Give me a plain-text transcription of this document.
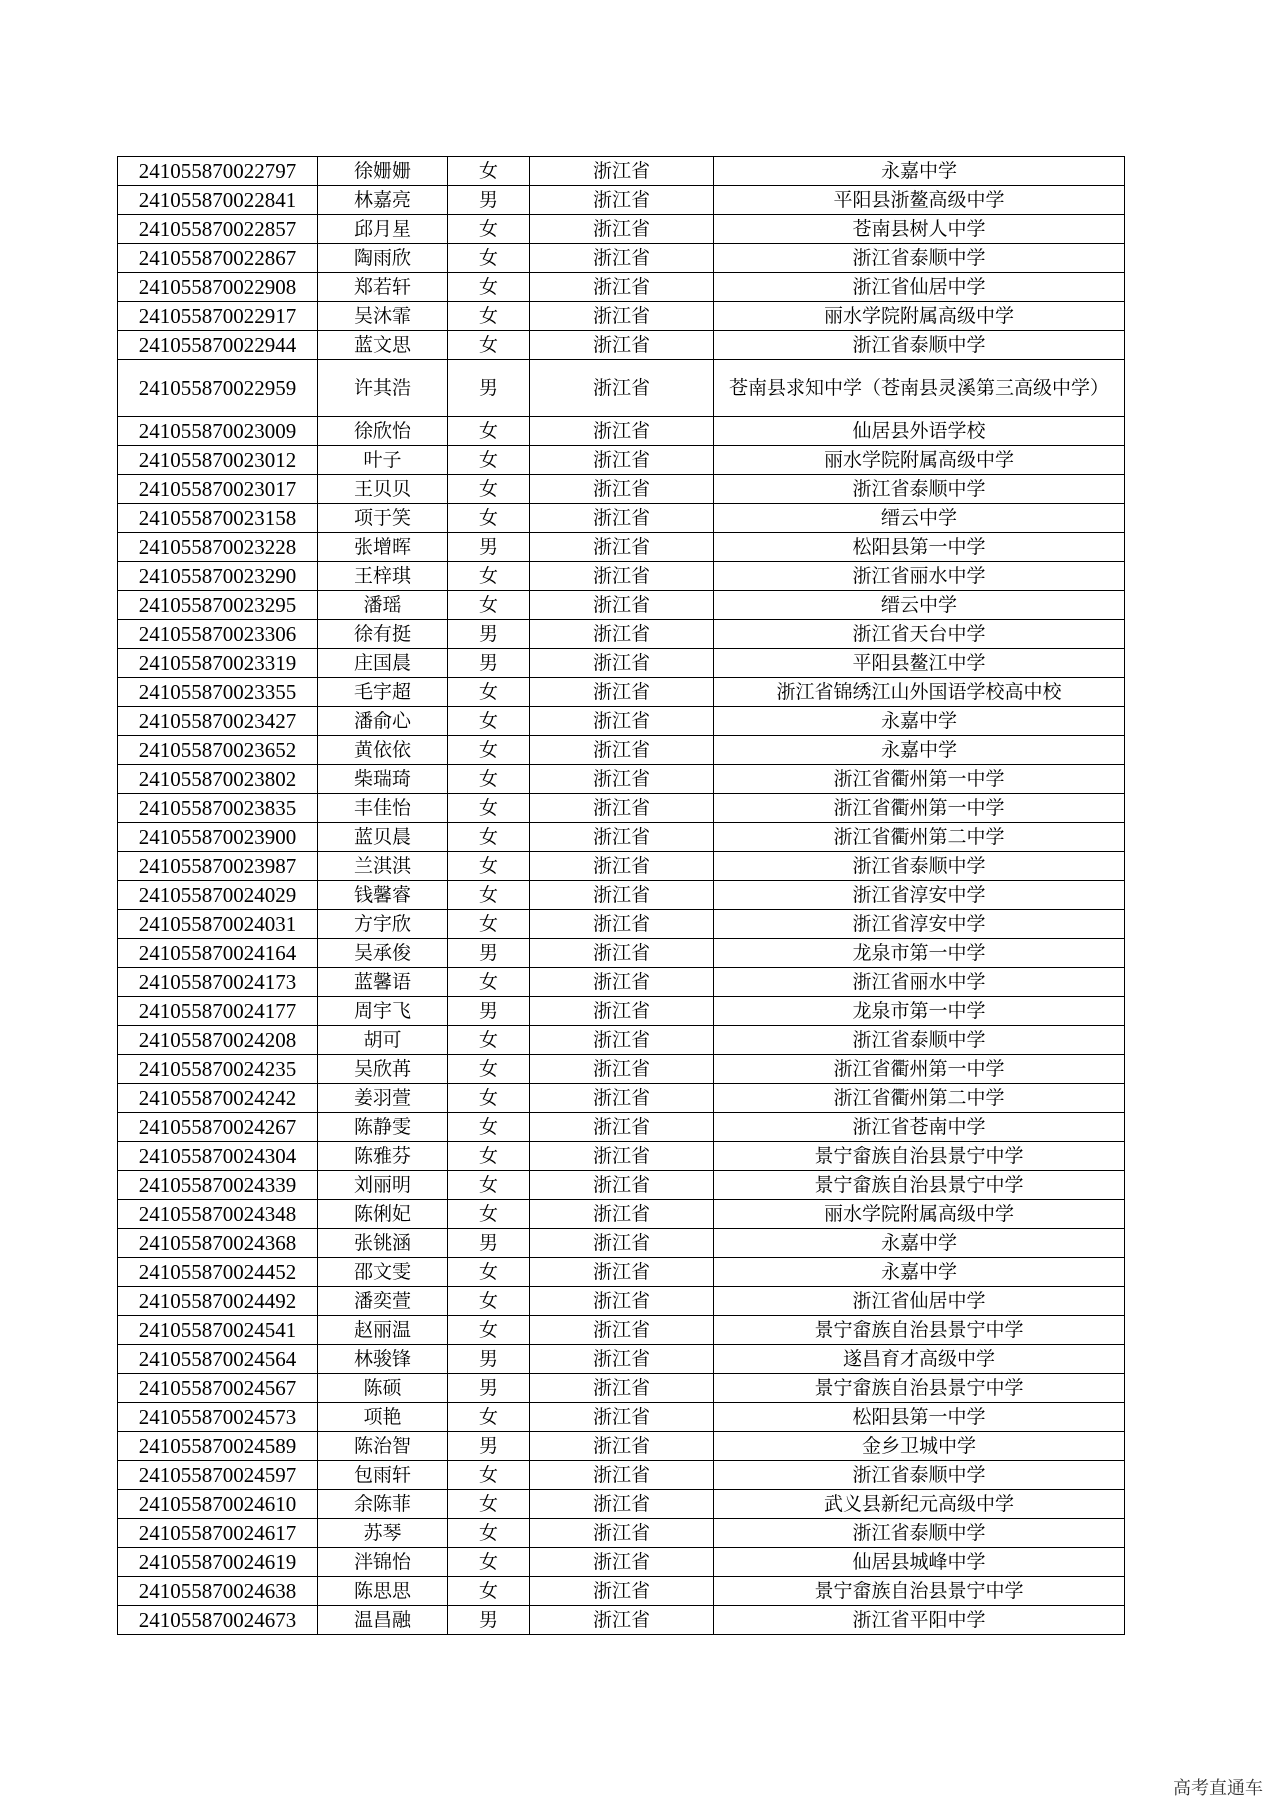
241055870022797	徐姗姗	女	浙江省	永嘉中学
241055870022841	林嘉亮	男	浙江省	平阳县浙鳌高级中学
241055870022857	邱月星	女	浙江省	苍南县树人中学
241055870022867	陶雨欣	女	浙江省	浙江省泰顺中学
241055870022908	郑若轩	女	浙江省	浙江省仙居中学
241055870022917	吴沐霏	女	浙江省	丽水学院附属高级中学
241055870022944	蓝文思	女	浙江省	浙江省泰顺中学
241055870022959	许其浩	男	浙江省	苍南县求知中学（苍南县灵溪第三高级中学）
241055870023009	徐欣怡	女	浙江省	仙居县外语学校
241055870023012	叶子	女	浙江省	丽水学院附属高级中学
241055870023017	王贝贝	女	浙江省	浙江省泰顺中学
241055870023158	项于笑	女	浙江省	缙云中学
241055870023228	张增晖	男	浙江省	松阳县第一中学
241055870023290	王梓琪	女	浙江省	浙江省丽水中学
241055870023295	潘瑶	女	浙江省	缙云中学
241055870023306	徐有挺	男	浙江省	浙江省天台中学
241055870023319	庄国晨	男	浙江省	平阳县鳌江中学
241055870023355	毛宇超	女	浙江省	浙江省锦绣江山外国语学校高中校
241055870023427	潘俞心	女	浙江省	永嘉中学
241055870023652	黄依依	女	浙江省	永嘉中学
241055870023802	柴瑞琦	女	浙江省	浙江省衢州第一中学
241055870023835	丰佳怡	女	浙江省	浙江省衢州第一中学
241055870023900	蓝贝晨	女	浙江省	浙江省衢州第二中学
241055870023987	兰淇淇	女	浙江省	浙江省泰顺中学
241055870024029	钱馨睿	女	浙江省	浙江省淳安中学
241055870024031	方宇欣	女	浙江省	浙江省淳安中学
241055870024164	吴承俊	男	浙江省	龙泉市第一中学
241055870024173	蓝馨语	女	浙江省	浙江省丽水中学
241055870024177	周宇飞	男	浙江省	龙泉市第一中学
241055870024208	胡可	女	浙江省	浙江省泰顺中学
241055870024235	吴欣苒	女	浙江省	浙江省衢州第一中学
241055870024242	姜羽萱	女	浙江省	浙江省衢州第二中学
241055870024267	陈静雯	女	浙江省	浙江省苍南中学
241055870024304	陈雅芬	女	浙江省	景宁畲族自治县景宁中学
241055870024339	刘丽明	女	浙江省	景宁畲族自治县景宁中学
241055870024348	陈俐妃	女	浙江省	丽水学院附属高级中学
241055870024368	张铫涵	男	浙江省	永嘉中学
241055870024452	邵文雯	女	浙江省	永嘉中学
241055870024492	潘奕萱	女	浙江省	浙江省仙居中学
241055870024541	赵丽温	女	浙江省	景宁畲族自治县景宁中学
241055870024564	林骏锋	男	浙江省	遂昌育才高级中学
241055870024567	陈硕	男	浙江省	景宁畲族自治县景宁中学
241055870024573	项艳	女	浙江省	松阳县第一中学
241055870024589	陈治智	男	浙江省	金乡卫城中学
241055870024597	包雨轩	女	浙江省	浙江省泰顺中学
241055870024610	余陈菲	女	浙江省	武义县新纪元高级中学
241055870024617	苏琴	女	浙江省	浙江省泰顺中学
241055870024619	泮锦怡	女	浙江省	仙居县城峰中学
241055870024638	陈思思	女	浙江省	景宁畲族自治县景宁中学
241055870024673	温昌融	男	浙江省	浙江省平阳中学
高考直通车
